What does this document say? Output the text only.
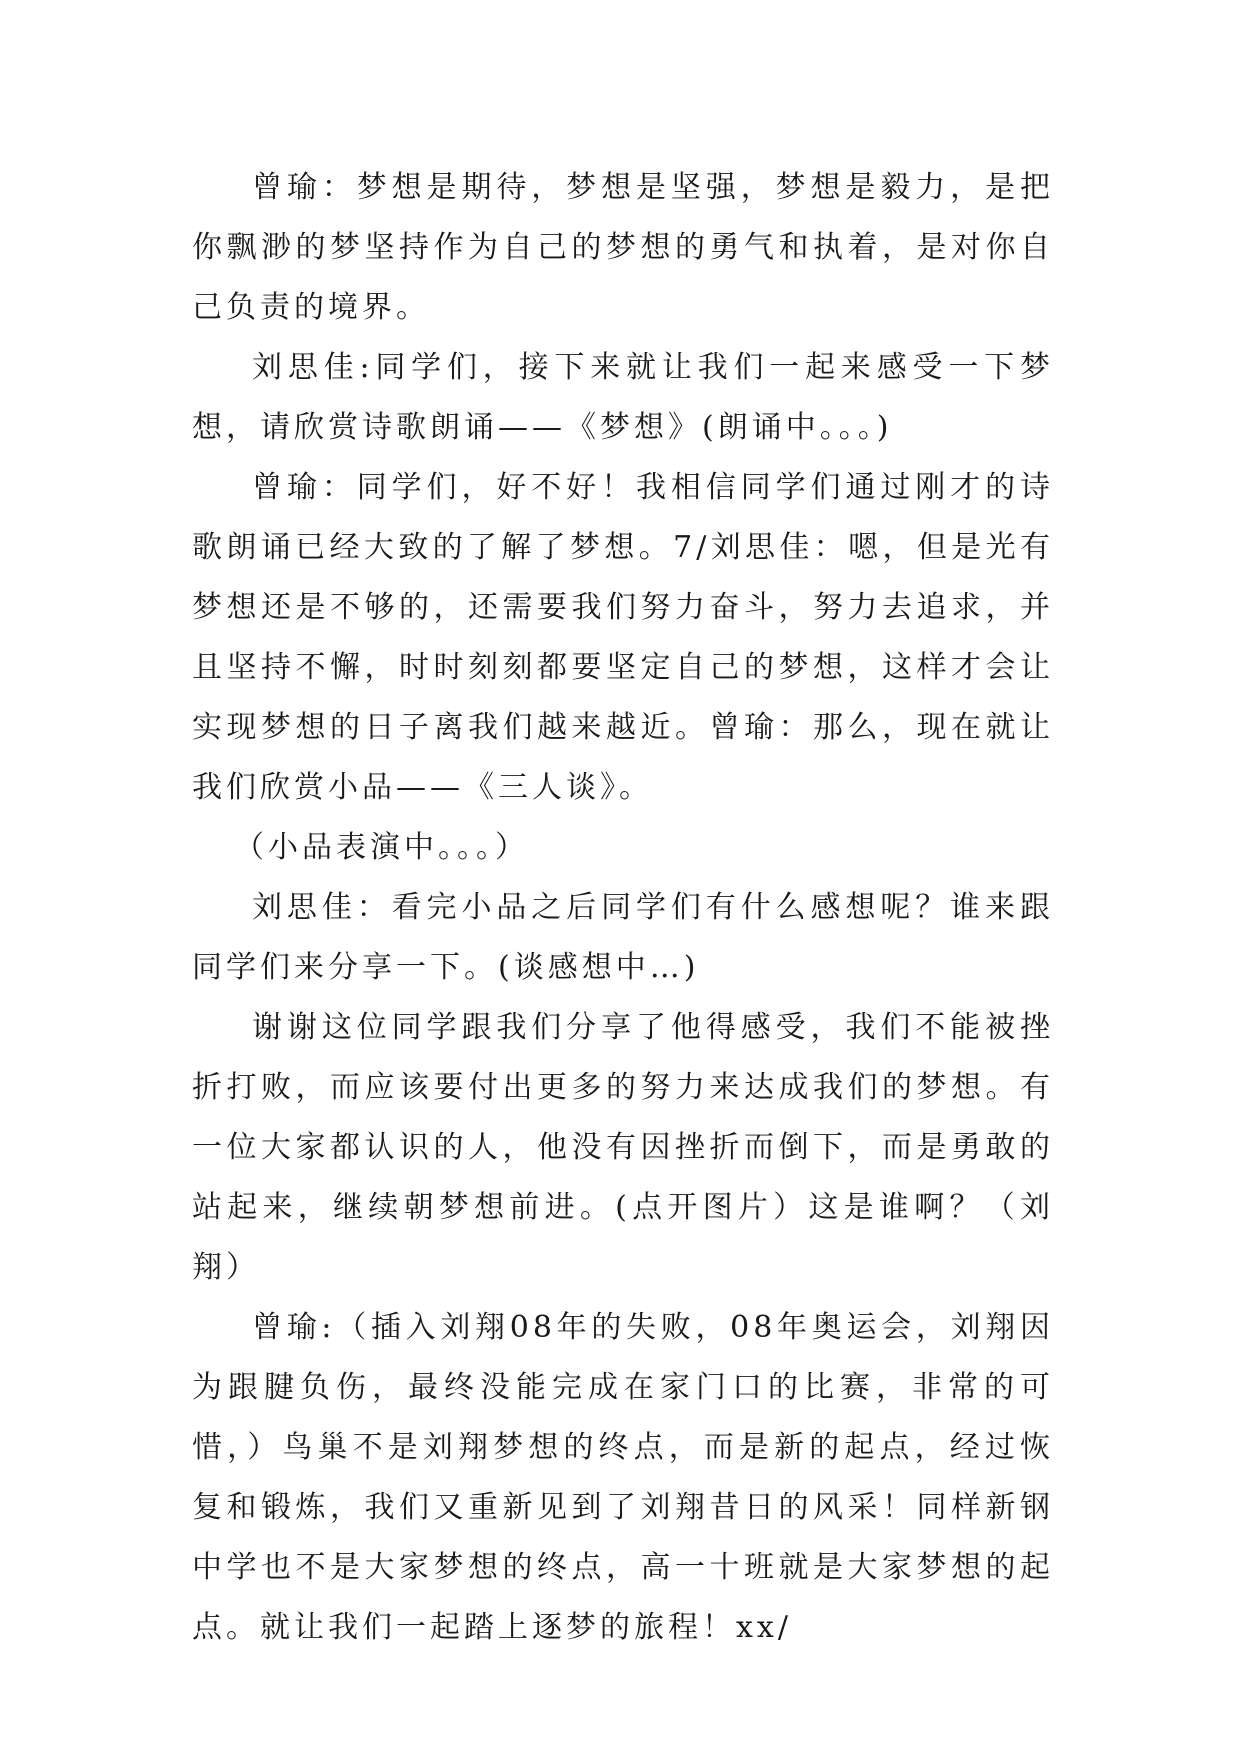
曾瑜：梦想是期待，梦想是坚强，梦想是毅力，是把你飘渺的梦坚持作为自己的梦想的勇气和执着，是对你自己负责的境界。

刘思佳:同学们，接下来就让我们一起来感受一下梦想，请欣赏诗歌朗诵——《梦想》(朗诵中。。。)

曾瑜：同学们，好不好！我相信同学们通过刚才的诗歌朗诵已经大致的了解了梦想。7/刘思佳：嗯，但是光有梦想还是不够的，还需要我们努力奋斗，努力去追求，并且坚持不懈，时时刻刻都要坚定自己的梦想，这样才会让实现梦想的日子离我们越来越近。曾瑜：那么，现在就让我们欣赏小品——《三人谈》。

（小品表演中。。。）

刘思佳：看完小品之后同学们有什么感想呢？谁来跟同学们来分享一下。(谈感想中…)

谢谢这位同学跟我们分享了他得感受，我们不能被挫折打败，而应该要付出更多的努力来达成我们的梦想。有一位大家都认识的人，他没有因挫折而倒下，而是勇敢的站起来，继续朝梦想前进。(点开图片）这是谁啊？（刘翔）

曾瑜:（插入刘翔08年的失败，08年奥运会，刘翔因为跟腱负伤，最终没能完成在家门口的比赛，非常的可惜，）鸟巢不是刘翔梦想的终点，而是新的起点，经过恢复和锻炼，我们又重新见到了刘翔昔日的风采！同样新钢中学也不是大家梦想的终点，高一十班就是大家梦想的起点。就让我们一起踏上逐梦的旅程！xx/
